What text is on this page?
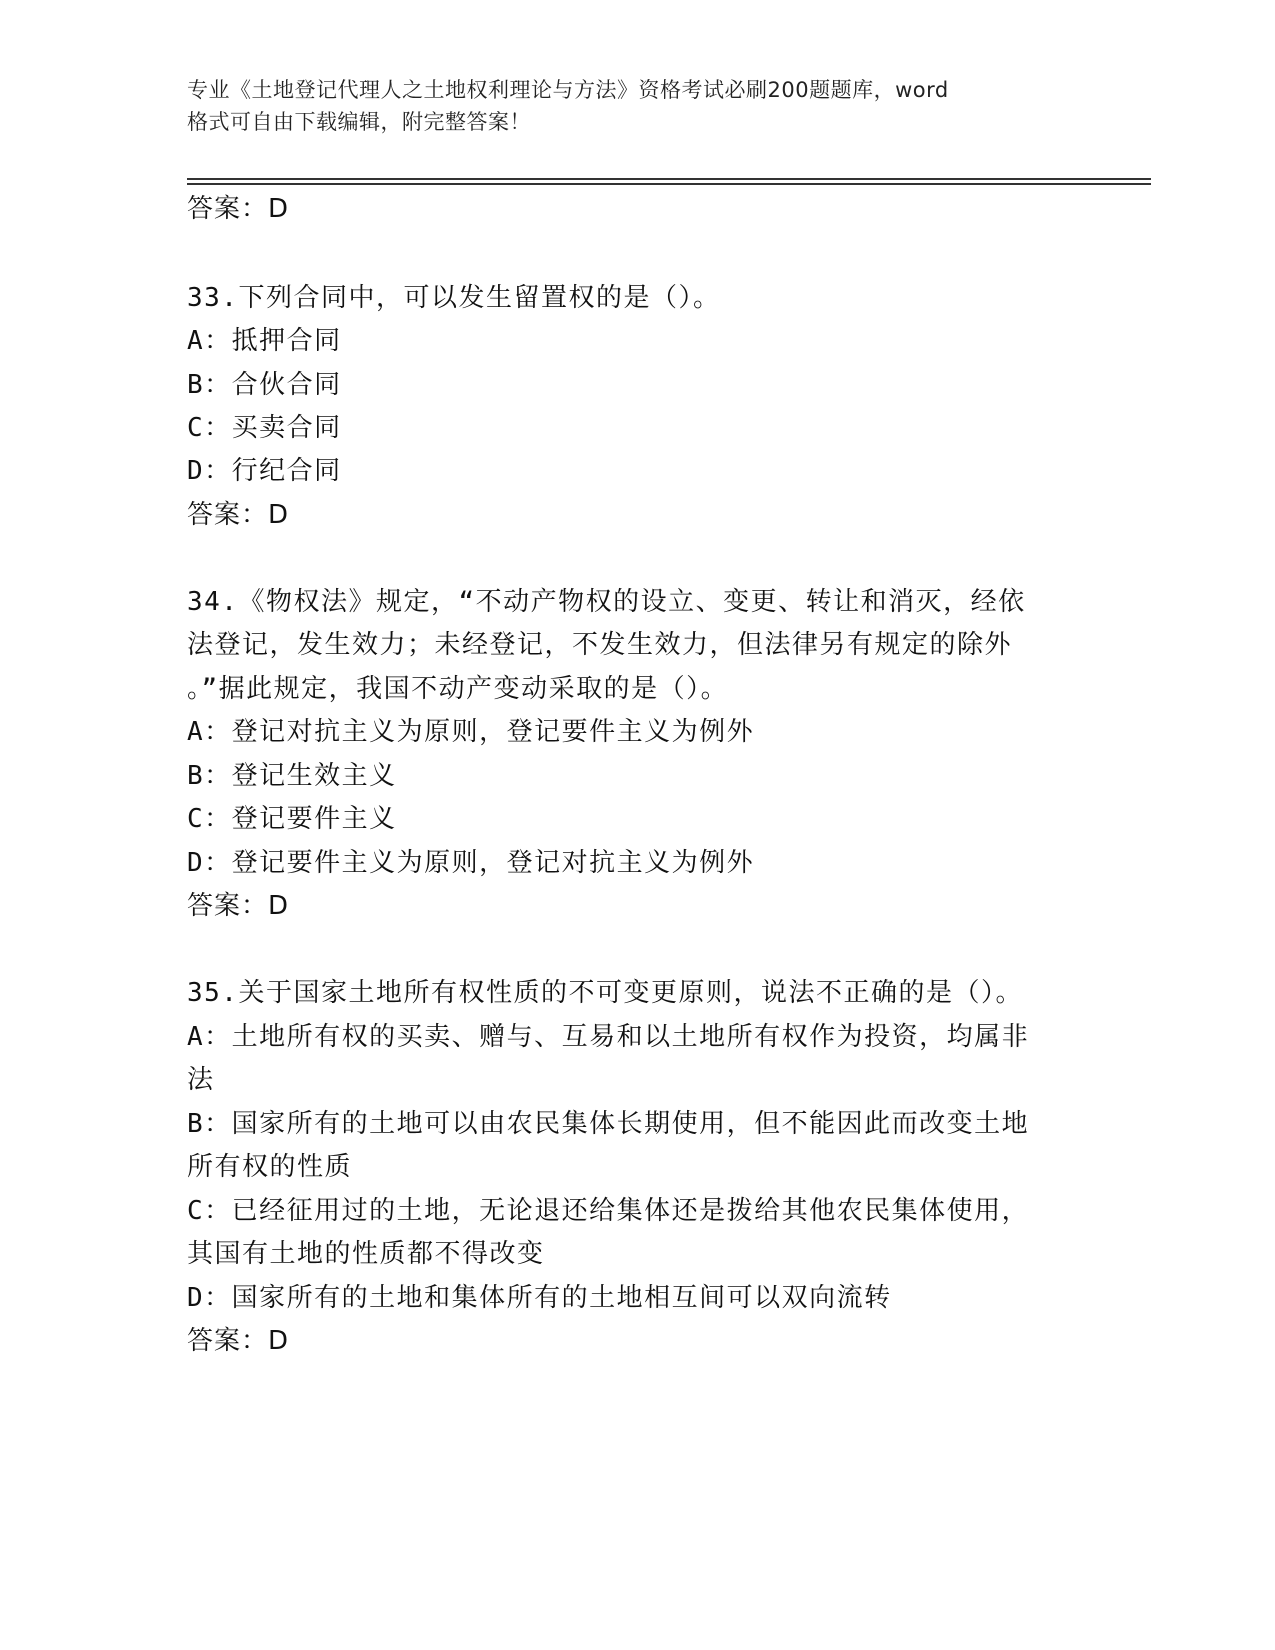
专业《土地登记代理人之土地权利理论与方法》资格考试必刷200题题库，word
格式可自由下载编辑，附完整答案！
答案：D
33.下列合同中，可以发生留置权的是（）。
A：抵押合同
B：合伙合同
C：买卖合同
D：行纪合同
答案：D
34.《物权法》规定，“不动产物权的设立、变更、转让和消灭，经依
法登记，发生效力；未经登记，不发生效力，但法律另有规定的除外
。”据此规定，我国不动产变动采取的是（）。
A：登记对抗主义为原则，登记要件主义为例外
B：登记生效主义
C：登记要件主义
D：登记要件主义为原则，登记对抗主义为例外
答案：D
35.关于国家土地所有权性质的不可变更原则，说法不正确的是（）。
A：土地所有权的买卖、赠与、互易和以土地所有权作为投资，均属非
法
B：国家所有的土地可以由农民集体长期使用，但不能因此而改变土地
所有权的性质
C：已经征用过的土地，无论退还给集体还是拨给其他农民集体使用，
其国有土地的性质都不得改变
D：国家所有的土地和集体所有的土地相互间可以双向流转
答案：D
